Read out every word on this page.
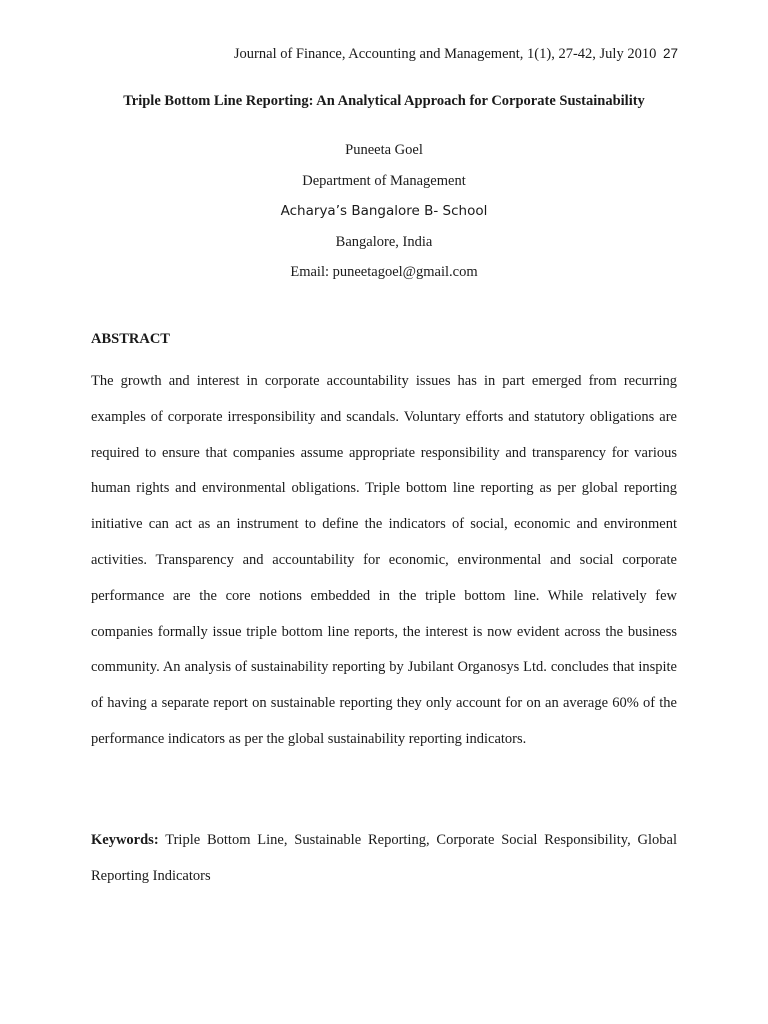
Journal of Finance, Accounting and Management, 1(1), 27-42, July 2010 27
Triple Bottom Line Reporting: An Analytical Approach for Corporate Sustainability
Puneeta Goel
Department of Management
Acharya’s Bangalore B- School
Bangalore, India
Email: puneetagoel@gmail.com
ABSTRACT

The growth and interest in corporate accountability issues has in part emerged from recurring examples of corporate irresponsibility and scandals. Voluntary efforts and statutory obligations are required to ensure that companies assume appropriate responsibility and transparency for various human rights and environmental obligations. Triple bottom line reporting as per global reporting initiative can act as an instrument to define the indicators of social, economic and environment activities. Transparency and accountability for economic, environmental and social corporate performance are the core notions embedded in the triple bottom line. While relatively few companies formally issue triple bottom line reports, the interest is now evident across the business community. An analysis of sustainability reporting by Jubilant Organosys Ltd. concludes that inspite of having a separate report on sustainable reporting they only account for on an average 60% of the performance indicators as per the global sustainability reporting indicators.

Keywords: Triple Bottom Line, Sustainable Reporting, Corporate Social Responsibility, Global Reporting Indicators
